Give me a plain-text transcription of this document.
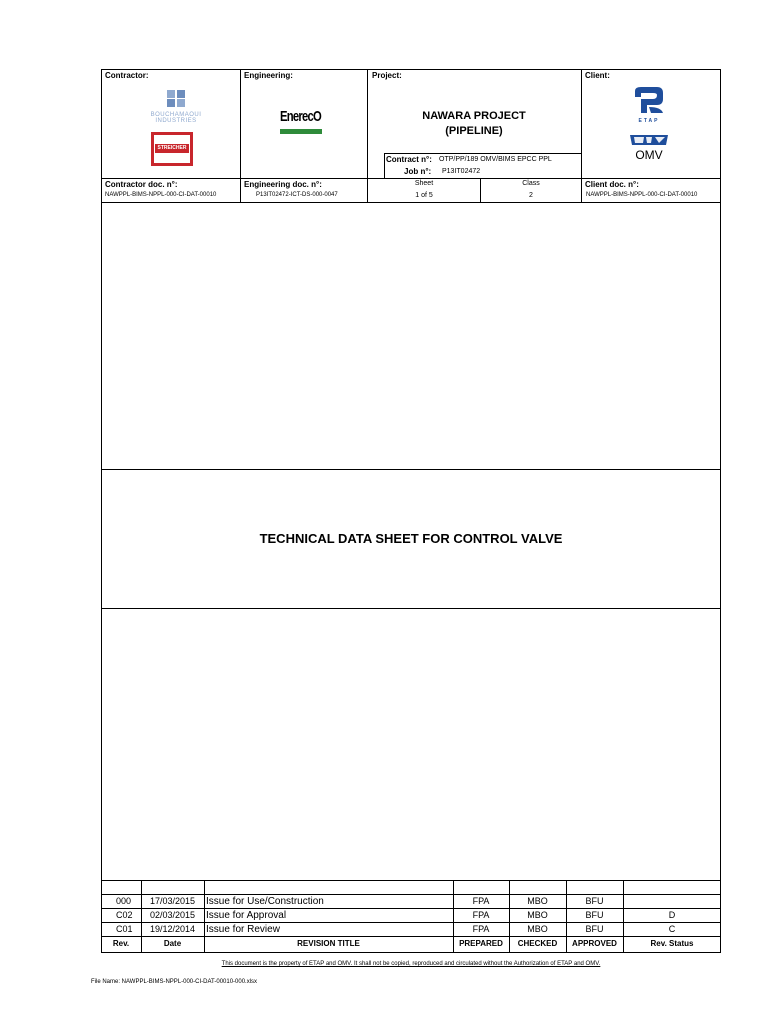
Contractor:
BOUCHAMAOUI INDUSTRIES
STREICHER
Engineering:
EnerecO
Project:
NAWARA PROJECT
(PIPELINE)
Contract n°: OTP/PP/189 OMV/BIMS EPCC PPL
Job n°: P13IT02472
Client:
ETAP
OMV
Contractor doc. n°:
NAWPPL-BIMS-NPPL-000-CI-DAT-00010
Engineering doc. n°:
P13IT02472-ICT-DS-000-0047
Sheet
1 of 5
Class
2
Client doc. n°:
NAWPPL-BIMS-NPPL-000-CI-DAT-00010
TECHNICAL DATA SHEET FOR CONTROL VALVE
000	17/03/2015	Issue for Use/Construction	FPA	MBO	BFU
C02	02/03/2015	Issue for Approval	FPA	MBO	BFU	D
C01	19/12/2014	Issue for Review	FPA	MBO	BFU	C
Rev.	Date	REVISION TITLE	PREPARED	CHECKED	APPROVED	Rev. Status
This document is the property of ETAP and OMV. It shall not be copied, reproduced and circulated without the Authorization of ETAP and OMV.
File Name: NAWPPL-BIMS-NPPL-000-CI-DAT-00010-000.xlsx
